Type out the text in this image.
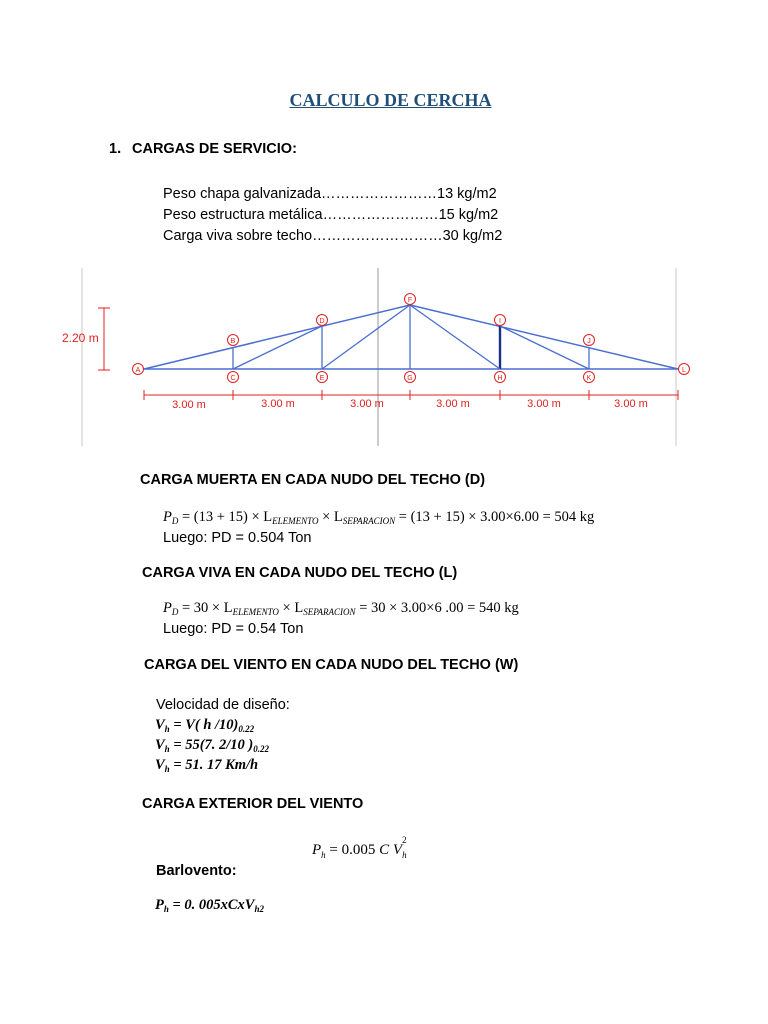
CALCULO DE CERCHA
1. CARGAS DE SERVICIO:
Peso chapa galvanizada……………………13 kg/m2
Peso estructura metálica……………………15 kg/m2
Carga viva sobre techo………………………30 kg/m2
2.20 m
A
B
C
D
E
F
G	H
I
J
K
L
3.00 m	3.00 m	3.00 m	3.00 m	3.00 m	3.00 m
CARGA MUERTA EN CADA NUDO DEL TECHO (D)
$P_D = (13 + 15) \times L_{ELEMENTO} \times L_{SEPARACION} = (13 + 15) \times 3.00\times 6.00 = 504$ kg
Luego: PD = 0.504 Ton
CARGA VIVA EN CADA NUDO DEL TECHO (L)
$P_D = 30 \times L_{ELEMENTO} \times L_{SEPARACION} = 30 \times 3.00\times 6$ .00 = 540 kg
Luego: PD = 0.54 Ton
CARGA DEL VIENTO EN CADA NUDO DEL TECHO (W)
Velocidad de diseño:
$V_h = V$( h $/10)_{0.22}$
$V_h = 55(7$. 2/10 )$_{0.22}$
$V_h = 51$. 17 Km/h
CARGA EXTERIOR DEL VIENTO
$P_h = 0.005$ C V
2
h
Barlovento:
$P_h = 0$. 005xCxV$_{h2}$
